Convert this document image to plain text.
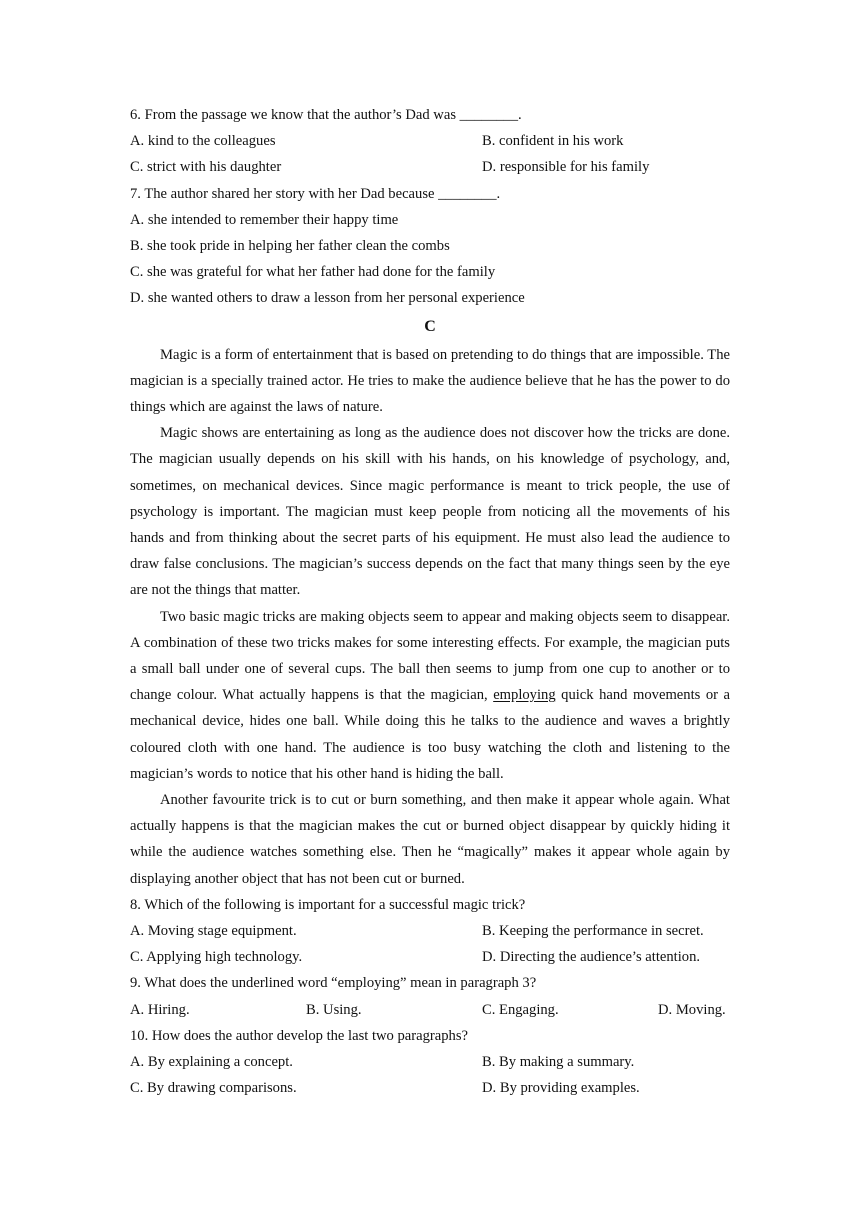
6. From the passage we know that the author’s Dad was ________.
A. kind to the colleagues	B. confident in his work
C. strict with his daughter	D. responsible for his family
7. The author shared her story with her Dad because ________.
A. she intended to remember their happy time
B. she took pride in helping her father clean the combs
C. she was grateful for what her father had done for the family
D. she wanted others to draw a lesson from her personal experience
C

Magic is a form of entertainment that is based on pretending to do things that are impossible. The magician is a specially trained actor. He tries to make the audience believe that he has the power to do things which are against the laws of nature.

Magic shows are entertaining as long as the audience does not discover how the tricks are done. The magician usually depends on his skill with his hands, on his knowledge of psychology, and, sometimes, on mechanical devices. Since magic performance is meant to trick people, the use of psychology is important. The magician must keep people from noticing all the movements of his hands and from thinking about the secret parts of his equipment. He must also lead the audience to draw false conclusions. The magician’s success depends on the fact that many things seen by the eye are not the things that matter.

Two basic magic tricks are making objects seem to appear and making objects seem to disappear. A combination of these two tricks makes for some interesting effects. For example, the magician puts a small ball under one of several cups. The ball then seems to jump from one cup to another or to change colour. What actually happens is that the magician, employing quick hand movements or a mechanical device, hides one ball. While doing this he talks to the audience and waves a brightly coloured cloth with one hand. The audience is too busy watching the cloth and listening to the magician’s words to notice that his other hand is hiding the ball.

Another favourite trick is to cut or burn something, and then make it appear whole again. What actually happens is that the magician makes the cut or burned object disappear by quickly hiding it while the audience watches something else. Then he “magically” makes it appear whole again by displaying another object that has not been cut or burned.

8. Which of the following is important for a successful magic trick?
A. Moving stage equipment.	B. Keeping the performance in secret.
C. Applying high technology.	D. Directing the audience’s attention.
9. What does the underlined word “employing” mean in paragraph 3?
A. Hiring.	B. Using.	C. Engaging.	D. Moving.
10. How does the author develop the last two paragraphs?
A. By explaining a concept.	B. By making a summary.
C. By drawing comparisons.	D. By providing examples.
